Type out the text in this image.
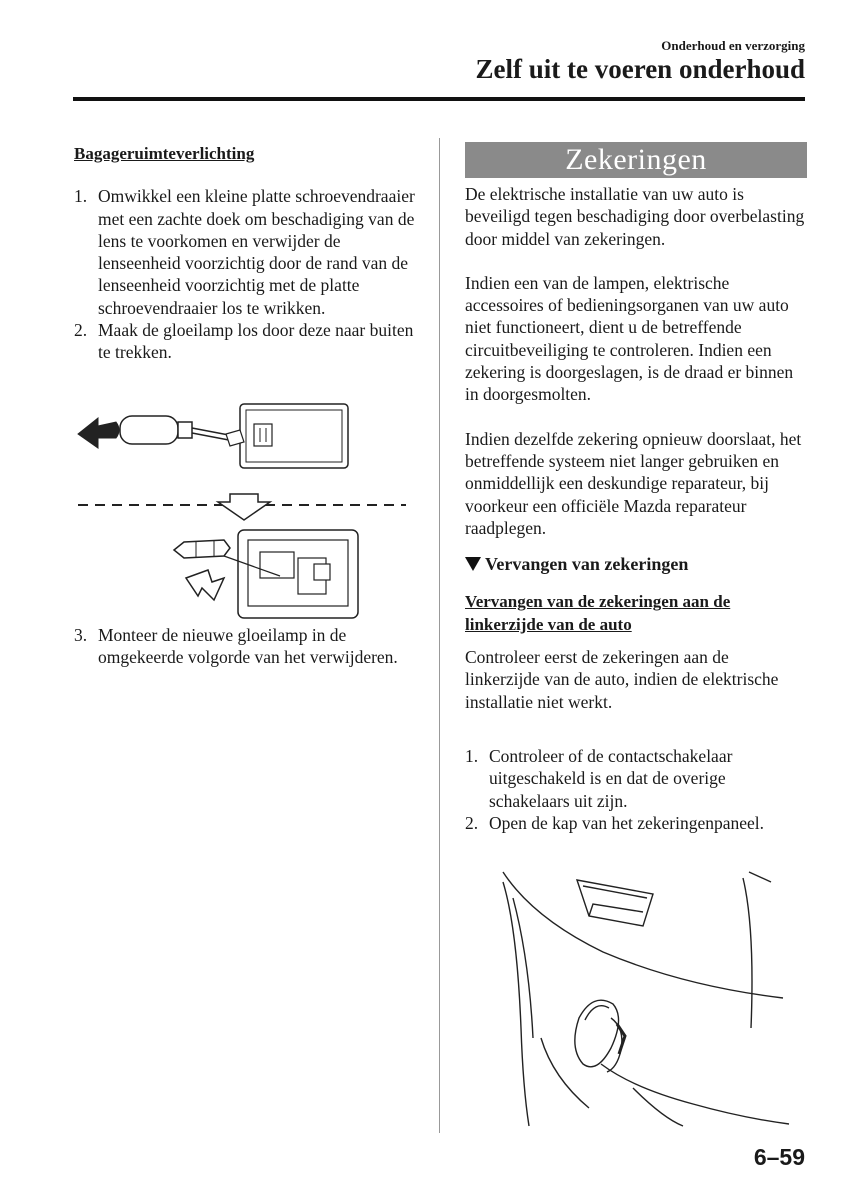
Onderhoud en verzorging
Zelf uit te voeren onderhoud
Bagageruimteverlichting
1. Omwikkel een kleine platte schroevendraaier met een zachte doek om beschadiging van de lens te voorkomen en verwijder de lenseenheid voorzichtig door de rand van de lenseenheid voorzichtig met de platte schroevendraaier los te wrikken.
2. Maak de gloeilamp los door deze naar buiten te trekken.
3. Monteer de nieuwe gloeilamp in de omgekeerde volgorde van het verwijderen.
Zekeringen

De elektrische installatie van uw auto is beveiligd tegen beschadiging door overbelasting door middel van zekeringen.

Indien een van de lampen, elektrische accessoires of bedieningsorganen van uw auto niet functioneert, dient u de betreffende circuitbeveiliging te controleren. Indien een zekering is doorgeslagen, is de draad er binnen in doorgesmolten.

Indien dezelfde zekering opnieuw doorslaat, het betreffende systeem niet langer gebruiken en onmiddellijk een deskundige reparateur, bij voorkeur een officiële Mazda reparateur raadplegen.

Vervangen van zekeringen
Vervangen van de zekeringen aan de linkerzijde van de auto

Controleer eerst de zekeringen aan de linkerzijde van de auto, indien de elektrische installatie niet werkt.

1. Controleer of de contactschakelaar uitgeschakeld is en dat de overige schakelaars uit zijn.
2. Open de kap van het zekeringenpaneel.
6–59
